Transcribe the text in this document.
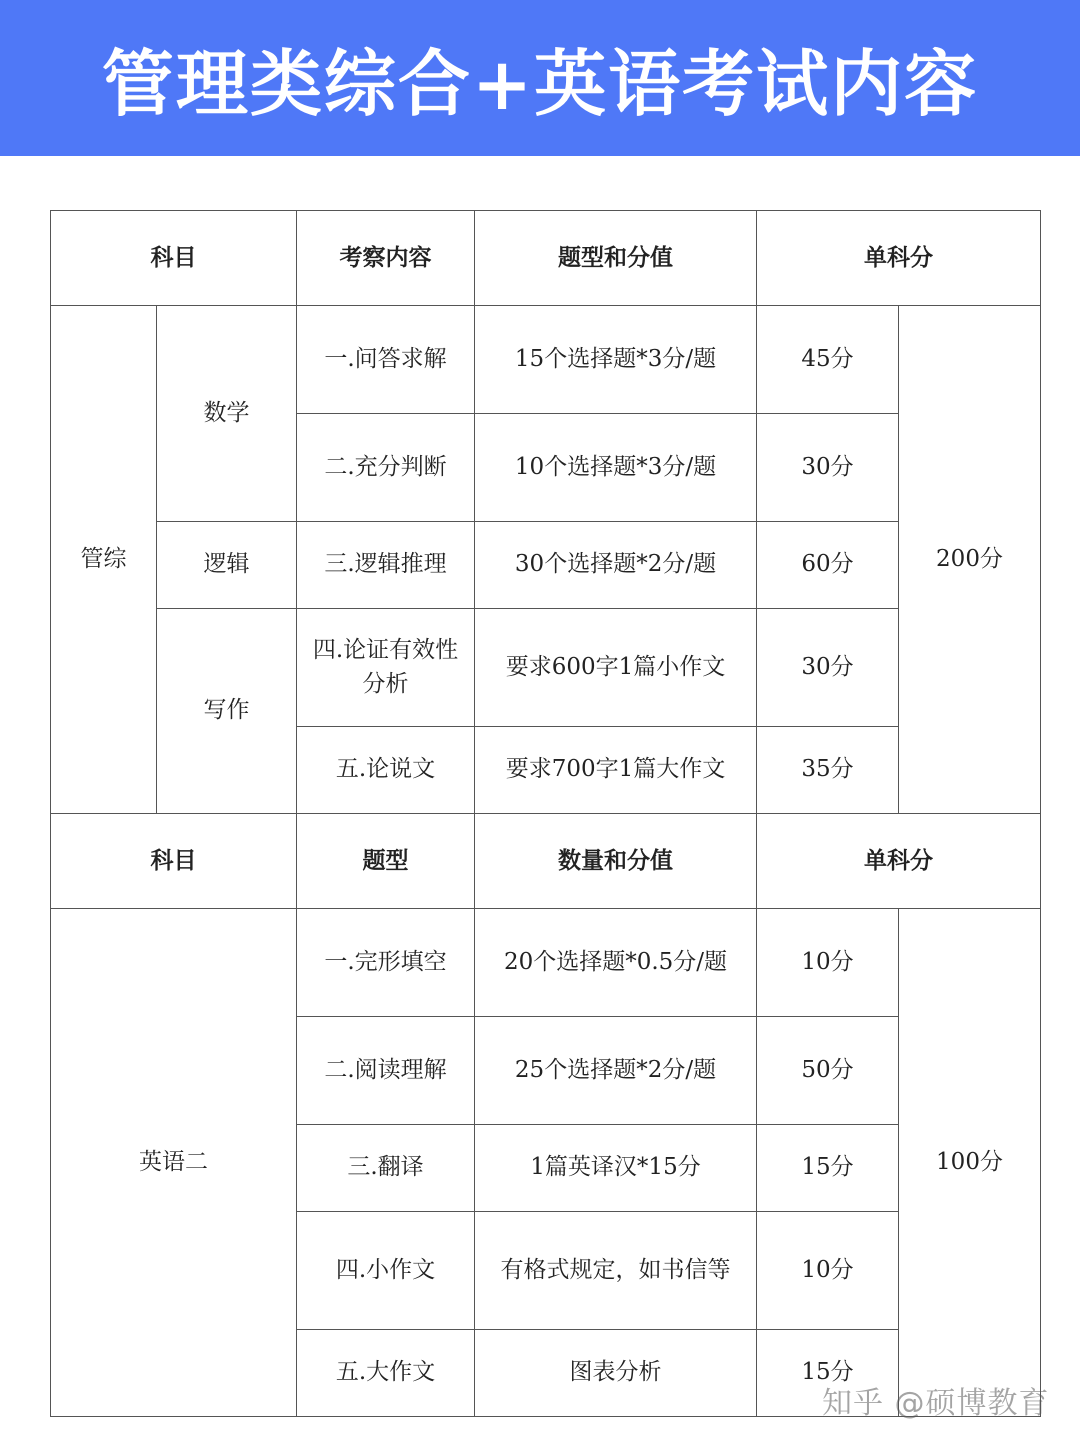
管理类综合+英语考试内容
科目		考察内容	题型和分值	单科分	
管综	数学	一.问答求解	15个选择题*3分/题	45分	200分
		二.充分判断	10个选择题*3分/题	30分	
	逻辑	三.逻辑推理	30个选择题*2分/题	60分	
	写作	四.论证有效性分析	要求600字1篇小作文	30分	
		五.论说文	要求700字1篇大作文	35分	
科目		题型	数量和分值	单科分	
英语二		一.完形填空	20个选择题*0.5分/题	10分	100分
		二.阅读理解	25个选择题*2分/题	50分	
		三.翻译	1篇英译汉*15分	15分	
		四.小作文	有格式规定，如书信等	10分	
		五.大作文	图表分析	15分	
知乎 @硕博教育
